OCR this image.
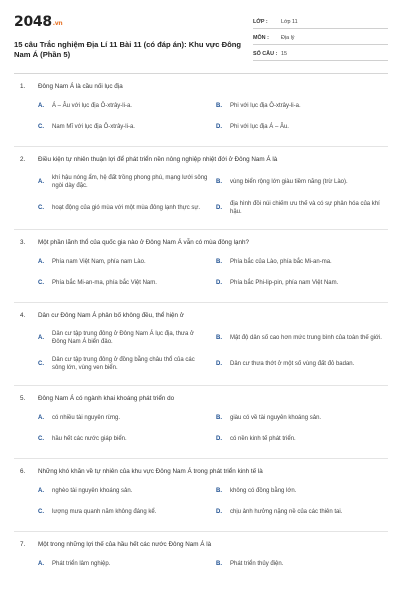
2048.vn
15 câu Trắc nghiệm Địa Lí 11 Bài 11 (có đáp án): Khu vực Đông Nam Á (Phần 5)
LỚP :	Lớp 11
MÔN :	Địa lý
SỐ CÂU : 15
1.	Đông Nam Á là cầu nối lục địa
A.	Á – Âu với lục địa Ô-xtrây-li-a.	B.	Phi với lục địa Ô-xtrây-li-a.
C.	Nam Mĩ với lục địa Ô-xtrây-li-a.	D.	Phi với lục địa Á – Âu.
2.	Điều kiện tự nhiên thuận lợi để phát triển nền nông nghiệp nhiệt đới ở Đông Nam Á là
A.
khí hậu nóng ẩm, hệ đất trồng phong phú, mạng lưới sông ngòi dày đặc.
B.	vùng biển rộng lớn giàu tiềm năng (trừ Lào).
C.	hoạt động của gió mùa với một mùa đông lạnh thực sự.	D.
địa hình đồi núi chiếm ưu thế và có sự phân hóa của khí hậu.
3.	Một phần lãnh thổ của quốc gia nào ở Đông Nam Á vẫn có mùa đông lạnh?
A.	Phía nam Việt Nam, phía nam Lào.	B.	Phía bắc của Lào, phía bắc Mi-an-ma.
C.	Phía bắc Mi-an-ma, phía bắc Việt Nam.	D.	Phía bắc Phi-lip-pin, phía nam Việt Nam.
4.	Dân cư Đông Nam Á phân bố không đều, thể hiện ở
A.
Dân cư tập trung đông ở Đông Nam Á lục địa, thưa ở Đông Nam Á biển đảo.
B.	Mật độ dân số cao hơn mức trung bình của toàn thế giới.
C.
Dân cư tập trung đông ở đồng bằng châu thổ của các sông lớn, vùng ven biển.
D.	Dân cư thưa thớt ở một số vùng đất đỏ badan.
5.	Đông Nam Á có ngành khai khoáng phát triển do
A.	có nhiều tài nguyên rừng.	B.	giàu có về tài nguyên khoáng sản.
C.	hầu hết các nước giáp biển.	D.	có nền kinh tế phát triển.
6.	Những khó khăn về tự nhiên của khu vực Đông Nam Á trong phát triển kinh tế là
A.	nghèo tài nguyên khoáng sản.	B.	không có đồng bằng lớn.
C.	lượng mưa quanh năm không đáng kể.	D.	chịu ảnh hưởng nặng nề của các thiên tai.
7.	Một trong những lợi thế của hầu hết các nước Đông Nam Á là
A.	Phát triển lâm nghiệp.	B.	Phát triển thủy điện.
